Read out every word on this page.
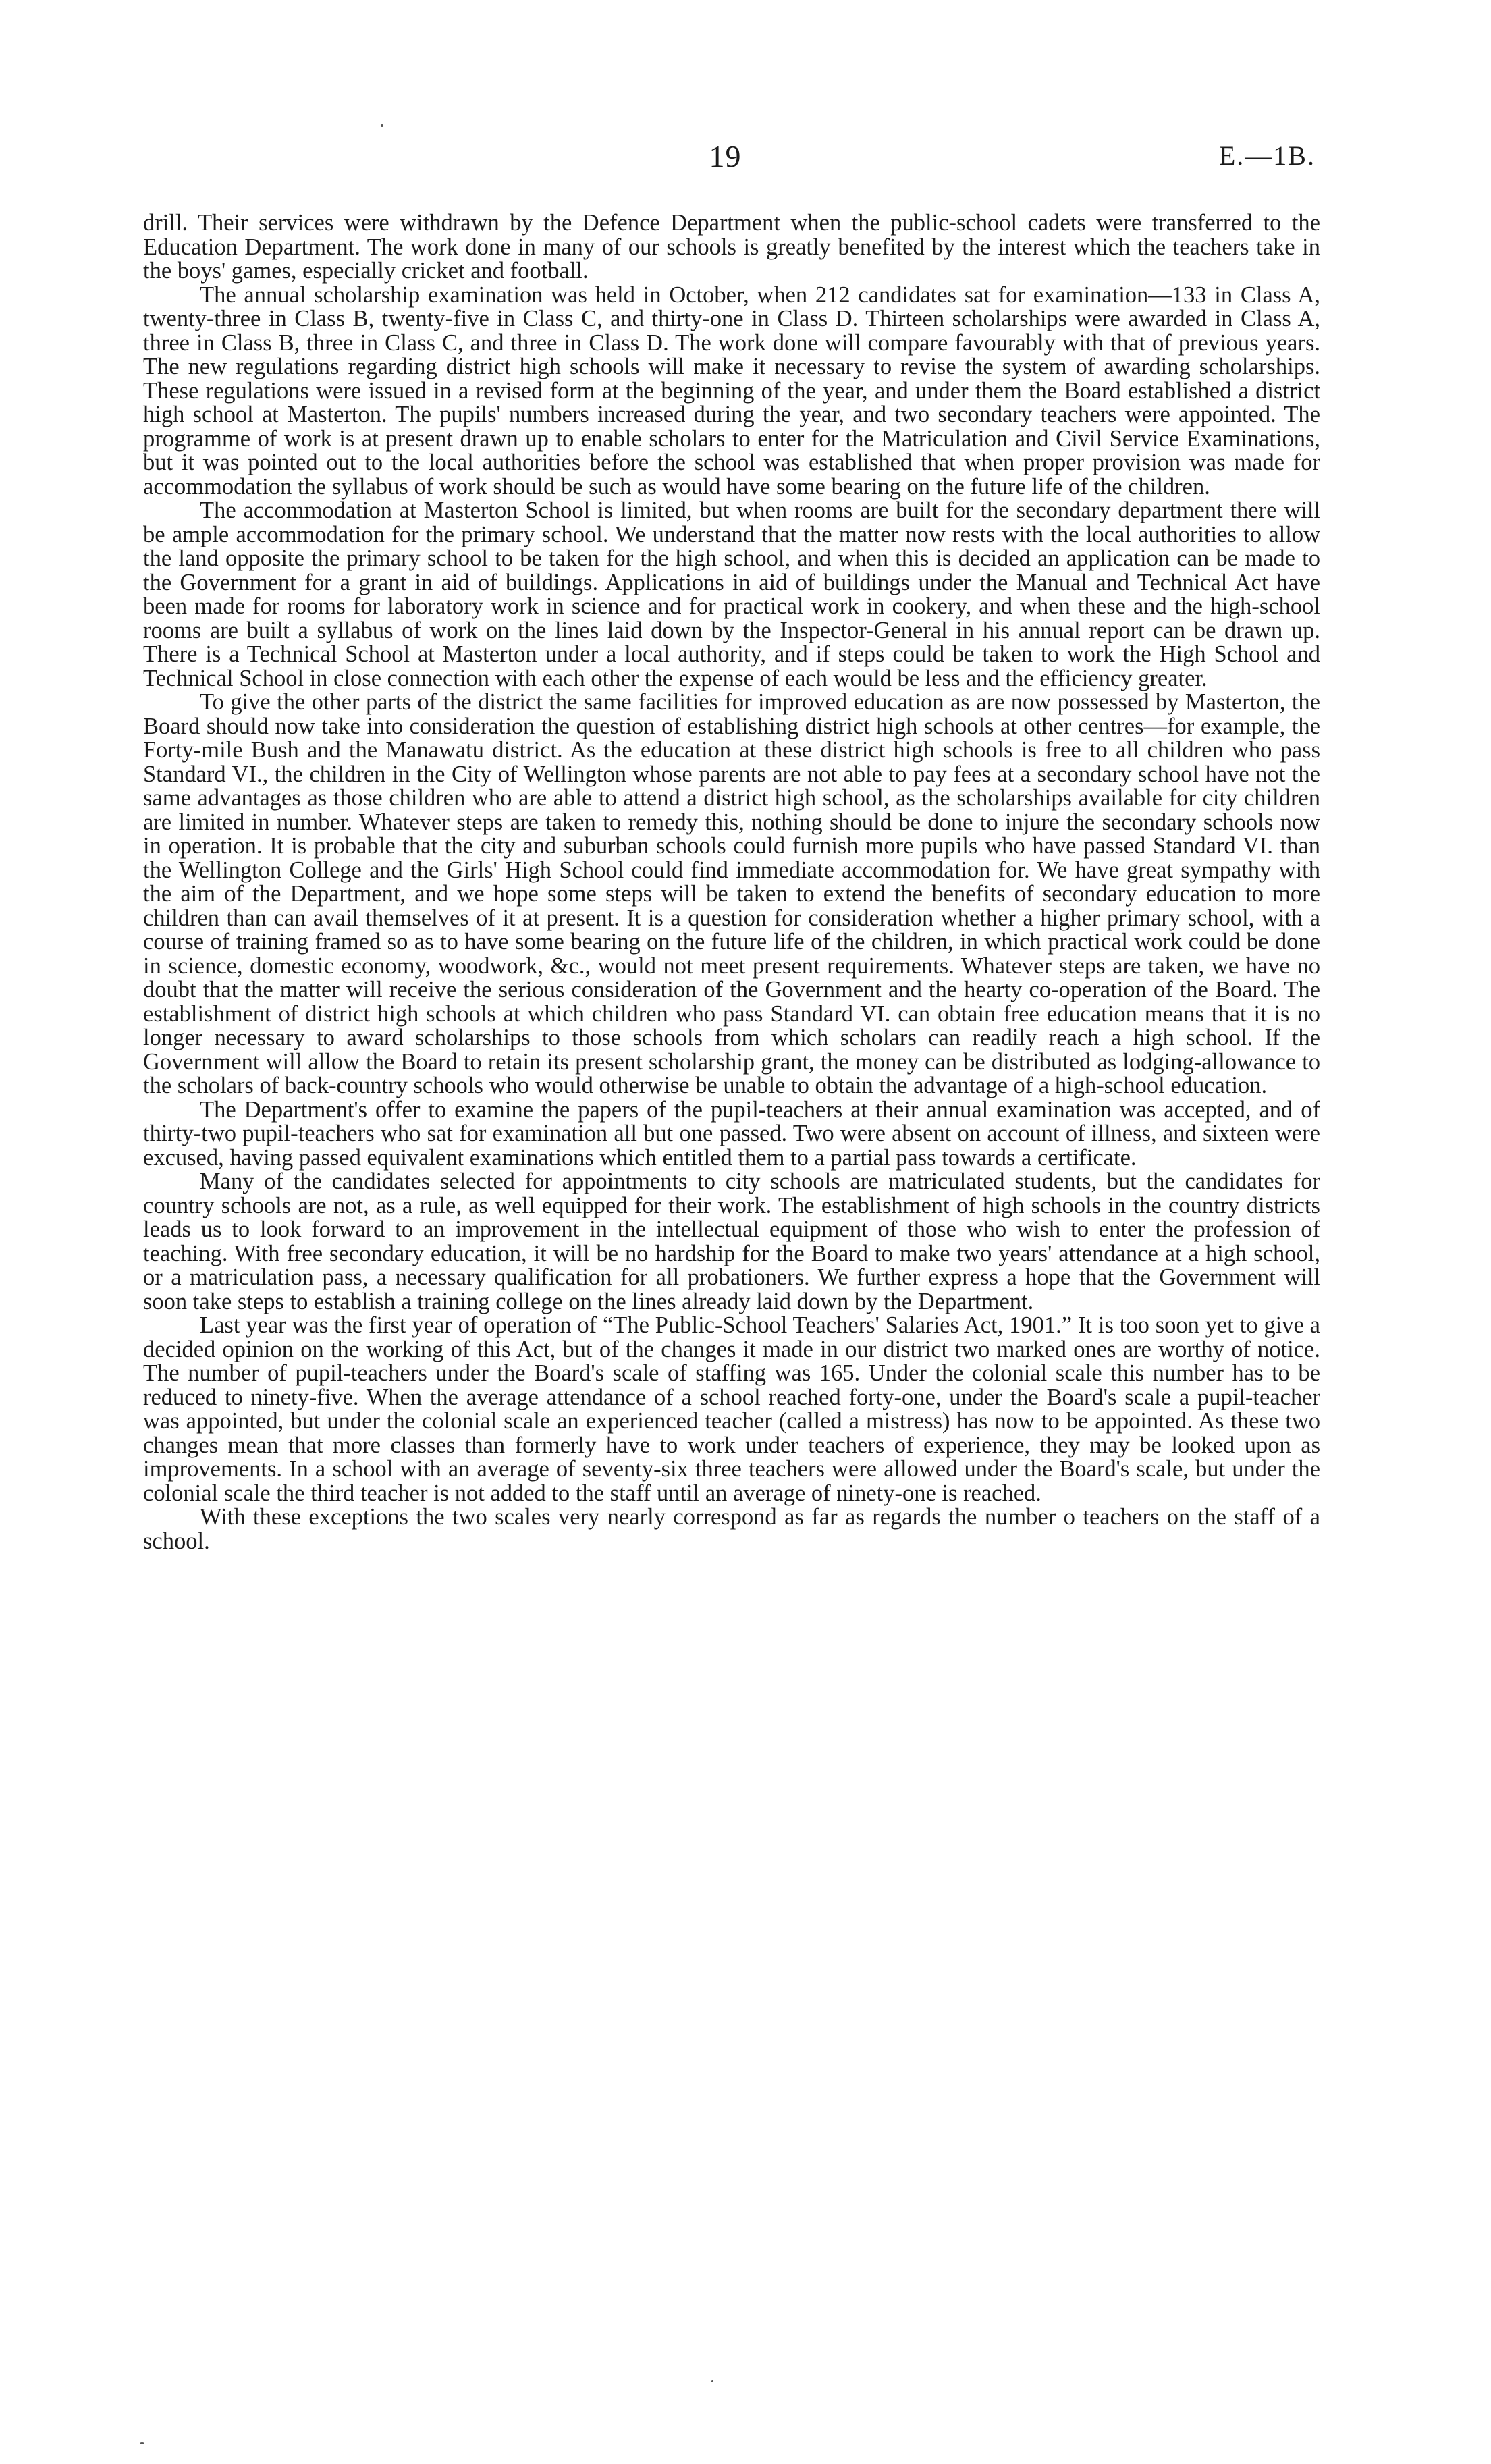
19	E.—1B.

drill. Their services were withdrawn by the Defence Department when the public-school cadets were transferred to the Education Department. The work done in many of our schools is greatly benefited by the interest which the teachers take in the boys' games, especially cricket and football.

The annual scholarship examination was held in October, when 212 candidates sat for examination—133 in Class A, twenty-three in Class B, twenty-five in Class C, and thirty-one in Class D. Thirteen scholarships were awarded in Class A, three in Class B, three in Class C, and three in Class D. The work done will compare favourably with that of previous years. The new regulations regarding district high schools will make it necessary to revise the system of awarding scholarships. These regulations were issued in a revised form at the beginning of the year, and under them the Board established a district high school at Masterton. The pupils' numbers increased during the year, and two secondary teachers were appointed. The programme of work is at present drawn up to enable scholars to enter for the Matriculation and Civil Service Examinations, but it was pointed out to the local authorities before the school was established that when proper provision was made for accommodation the syllabus of work should be such as would have some bearing on the future life of the children.

The accommodation at Masterton School is limited, but when rooms are built for the secondary department there will be ample accommodation for the primary school. We understand that the matter now rests with the local authorities to allow the land opposite the primary school to be taken for the high school, and when this is decided an application can be made to the Government for a grant in aid of buildings. Applications in aid of buildings under the Manual and Technical Act have been made for rooms for laboratory work in science and for practical work in cookery, and when these and the high-school rooms are built a syllabus of work on the lines laid down by the Inspector-General in his annual report can be drawn up. There is a Technical School at Masterton under a local authority, and if steps could be taken to work the High School and Technical School in close connection with each other the expense of each would be less and the efficiency greater.

To give the other parts of the district the same facilities for improved education as are now possessed by Masterton, the Board should now take into consideration the question of establishing district high schools at other centres—for example, the Forty-mile Bush and the Manawatu district. As the education at these district high schools is free to all children who pass Standard VI., the children in the City of Wellington whose parents are not able to pay fees at a secondary school have not the same advantages as those children who are able to attend a district high school, as the scholarships available for city children are limited in number. Whatever steps are taken to remedy this, nothing should be done to injure the secondary schools now in operation. It is probable that the city and suburban schools could furnish more pupils who have passed Standard VI. than the Wellington College and the Girls' High School could find immediate accommodation for. We have great sympathy with the aim of the Department, and we hope some steps will be taken to extend the benefits of secondary education to more children than can avail themselves of it at present. It is a question for consideration whether a higher primary school, with a course of training framed so as to have some bearing on the future life of the children, in which practical work could be done in science, domestic economy, woodwork, &c., would not meet present requirements. Whatever steps are taken, we have no doubt that the matter will receive the serious consideration of the Government and the hearty co-operation of the Board. The establishment of district high schools at which children who pass Standard VI. can obtain free education means that it is no longer necessary to award scholarships to those schools from which scholars can readily reach a high school. If the Government will allow the Board to retain its present scholarship grant, the money can be distributed as lodging-allowance to the scholars of back-country schools who would otherwise be unable to obtain the advantage of a high-school education.

The Department's offer to examine the papers of the pupil-teachers at their annual examination was accepted, and of thirty-two pupil-teachers who sat for examination all but one passed. Two were absent on account of illness, and sixteen were excused, having passed equivalent examinations which entitled them to a partial pass towards a certificate.

Many of the candidates selected for appointments to city schools are matriculated students, but the candidates for country schools are not, as a rule, as well equipped for their work. The establishment of high schools in the country districts leads us to look forward to an improvement in the intellectual equipment of those who wish to enter the profession of teaching. With free secondary education, it will be no hardship for the Board to make two years' attendance at a high school, or a matriculation pass, a necessary qualification for all probationers. We further express a hope that the Government will soon take steps to establish a training college on the lines already laid down by the Department.

Last year was the first year of operation of “The Public-School Teachers' Salaries Act, 1901.” It is too soon yet to give a decided opinion on the working of this Act, but of the changes it made in our district two marked ones are worthy of notice. The number of pupil-teachers under the Board's scale of staffing was 165. Under the colonial scale this number has to be reduced to ninety-five. When the average attendance of a school reached forty-one, under the Board's scale a pupil-teacher was appointed, but under the colonial scale an experienced teacher (called a mistress) has now to be appointed. As these two changes mean that more classes than formerly have to work under teachers of experience, they may be looked upon as improvements. In a school with an average of seventy-six three teachers were allowed under the Board's scale, but under the colonial scale the third teacher is not added to the staff until an average of ninety-one is reached.

With these exceptions the two scales very nearly correspond as far as regards the number o teachers on the staff of a school.
